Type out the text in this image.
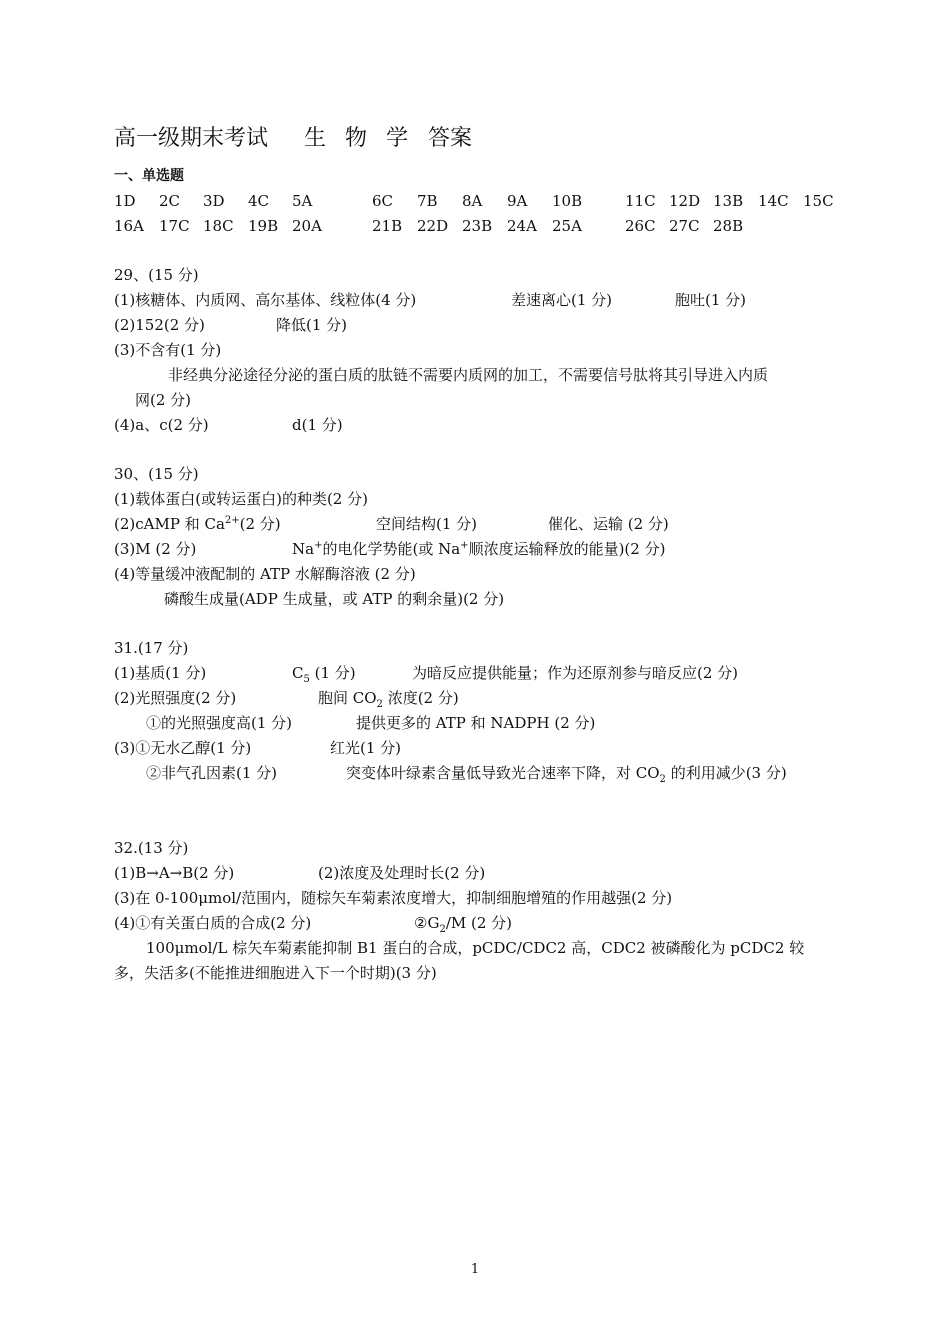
高一级期末考试 生 物 学 答案
一、单选题
1D 2C 3D 4C 5A	6C 7B 8A 9A 10B	11C 12D 13B 14C 15C
16A 17C 18C 19B 20A	21B 22D 23B 24A 25A	26C 27C 28B
29、(15 分)
(1)核糖体、内质网、高尔基体、线粒体(4 分)	差速离心(1 分)	胞吐(1 分)
(2)152(2 分)	降低(1 分)
(3)不含有(1 分)
非经典分泌途径分泌的蛋白质的肽链不需要内质网的加工，不需要信号肽将其引导进入内质
网(2 分)
(4)a、c(2 分)	d(1 分)
30、(15 分)
(1)载体蛋白(或转运蛋白)的种类(2 分)
(2)cAMP 和 $Ca^{2+}(2$ 分)	空间结构(1 分)	催化、运输 (2 分)
(3)M (2 分)	Na+的电化学势能(或 Na+顺浓度运输释放的能量)(2 分)
(4)等量缓冲液配制的 ATP 水解酶溶液 (2 分)
磷酸生成量(ADP 生成量，或 ATP 的剩余量)(2 分)
31.(17 分)
(1)基质(1 分)	$C_5$ (1 分)	为暗反应提供能量；作为还原剂参与暗反应(2 分)
(2)光照强度(2 分)	胞间 $CO_2$ 浓度(2 分)
①的光照强度高(1 分)	提供更多的 ATP 和 NADPH (2 分)
(3)①无水乙醇(1 分)	红光(1 分)
②非气孔因素(1 分)	突变体叶绿素含量低导致光合速率下降，对 $CO_2$ 的利用减少(3 分)
32.(13 分)
(1)B→A→B(2 分)	(2)浓度及处理时长(2 分)
(3)在 0-100μmol/范围内，随棕矢车菊素浓度增大，抑制细胞增殖的作用越强(2 分)
(4)①有关蛋白质的合成(2 分)	$②G_2/M$ (2 分)
100μmol/L 棕矢车菊素能抑制 B1 蛋白的合成，pCDC/CDC2 高，CDC2 被磷酸化为 pCDC2 较
多，失活多(不能推进细胞进入下一个时期)(3 分)
1
